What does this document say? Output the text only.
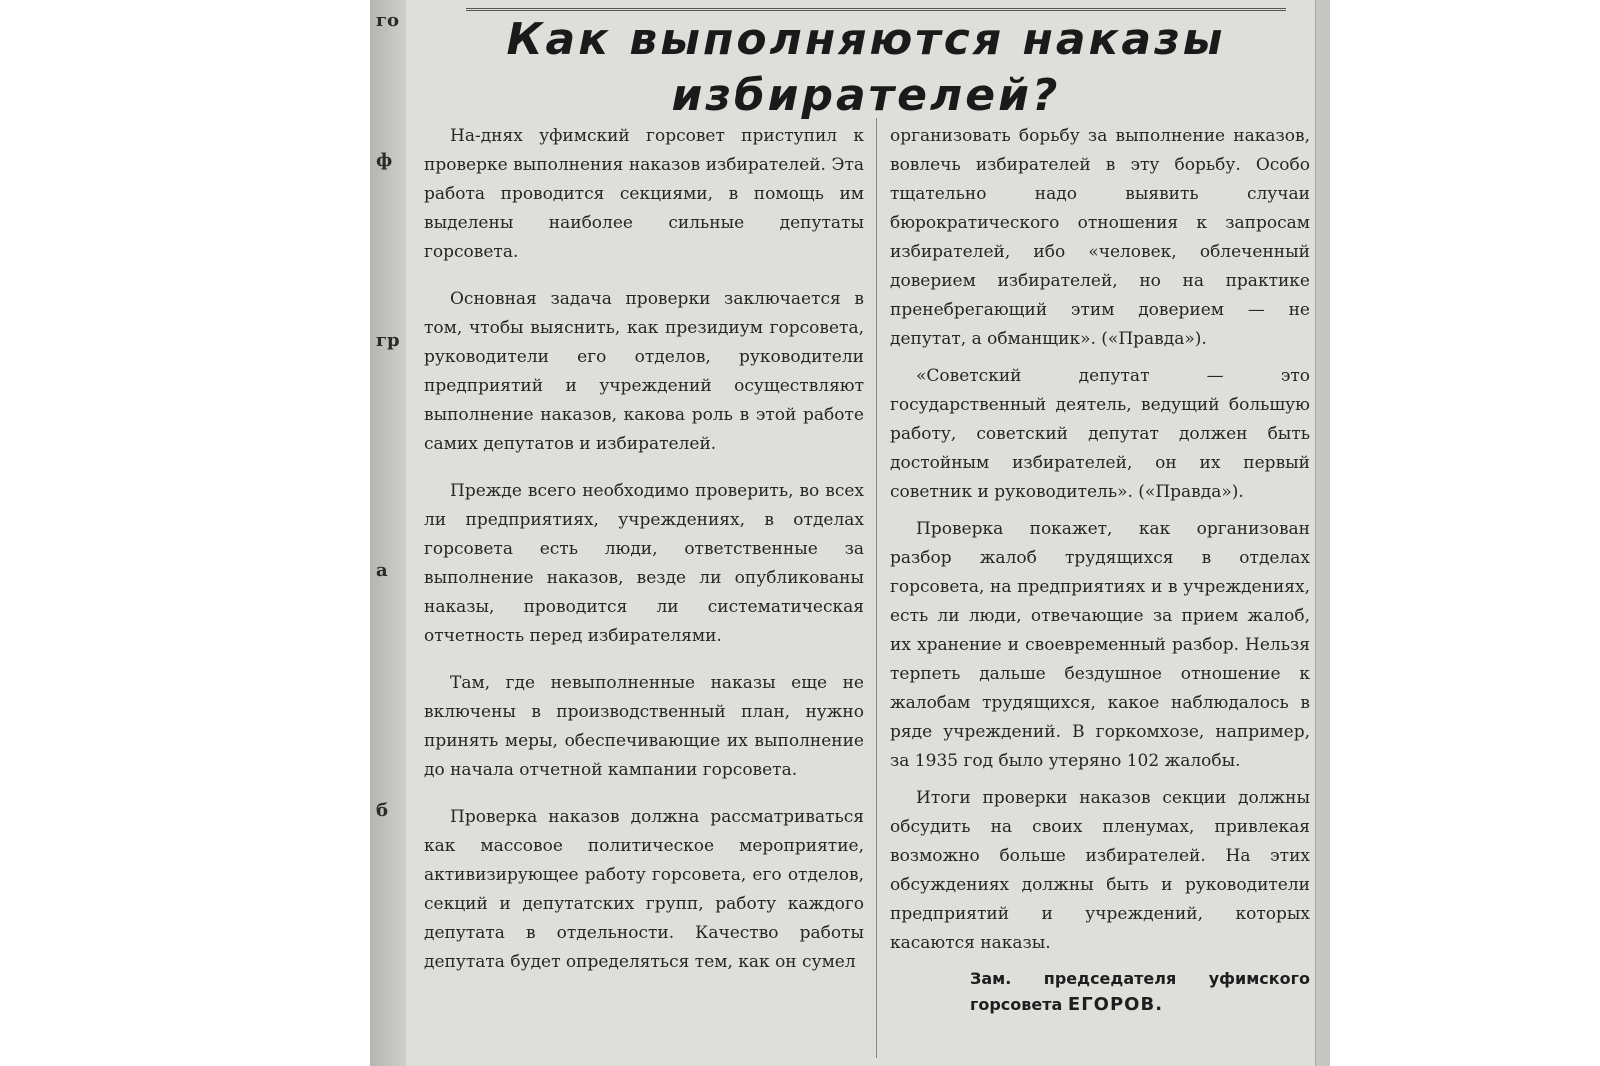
го
ф
гр
а
б
Как выполняются наказы избирателей?

На-днях уфимский горсовет приступил к проверке выполнения наказов избирателей. Эта работа проводится секциями, в помощь им выделены наиболее сильные депутаты горсовета.

Основная задача проверки заключается в том, чтобы выяснить, как президиум горсовета, руководители его отделов, руководители предприятий и учреждений осуществляют выполнение наказов, какова роль в этой работе самих депутатов и избирателей.

Прежде всего необходимо проверить, во всех ли предприятиях, учреждениях, в отделах горсовета есть люди, ответственные за выполнение наказов, везде ли опубликованы наказы, проводится ли систематическая отчетность перед избирателями.

Там, где невыполненные наказы еще не включены в производственный план, нужно принять меры, обеспечивающие их выполнение до начала отчетной кампании горсовета.

Проверка наказов должна рассматриваться как массовое политическое мероприятие, активизирующее работу горсовета, его отделов, секций и депутатских групп, работу каждого депутата в отдельности. Качество работы депутата будет определяться тем, как он сумел

организовать борьбу за выполнение наказов, вовлечь избирателей в эту борьбу. Особо тщательно надо выявить случаи бюрократического отношения к запросам избирателей, ибо «человек, облеченный доверием избирателей, но на практике пренебрегающий этим доверием — не депутат, а обманщик». («Правда»).

«Советский депутат — это государственный деятель, ведущий большую работу, советский депутат должен быть достойным избирателей, он их первый советник и руководитель». («Правда»).

Проверка покажет, как организован разбор жалоб трудящихся в отделах горсовета, на предприятиях и в учреждениях, есть ли люди, отвечающие за прием жалоб, их хранение и своевременный разбор. Нельзя терпеть дальше бездушное отношение к жалобам трудящихся, какое наблюдалось в ряде учреждений. В горкомхозе, например, за 1935 год было утеряно 102 жалобы.

Итоги проверки наказов секции должны обсудить на своих пленумах, привлекая возможно больше избирателей. На этих обсуждениях должны быть и руководители предприятий и учреждений, которых касаются наказы.

Зам. председателя уфимского горсовета ЕГОРОВ.
